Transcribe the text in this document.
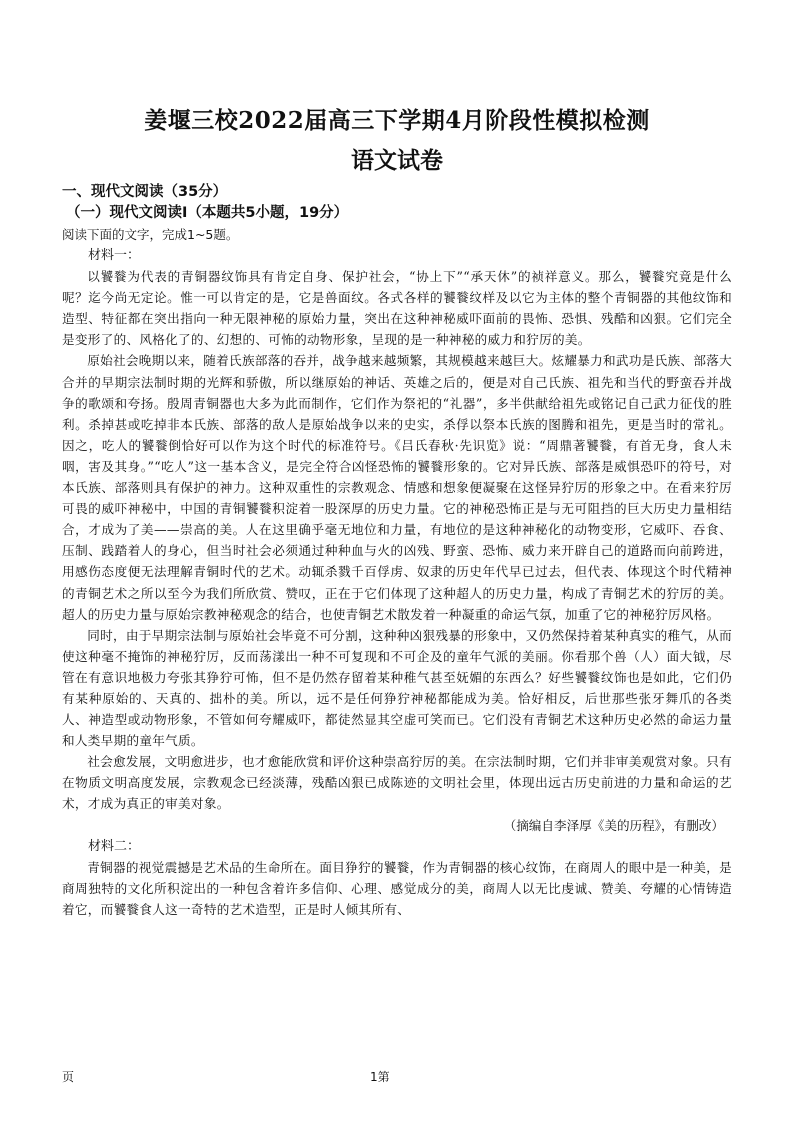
姜堰三校2022届高三下学期4月阶段性模拟检测
语文试卷
一、现代文阅读（35分）
（一）现代文阅读I（本题共5小题，19分）
阅读下面的文字，完成1~5题。
材料一：

以饕餮为代表的青铜器纹饰具有肯定自身、保护社会，“协上下”“承天休”的祯祥意义。那么，饕餮究竟是什么呢？迄今尚无定论。惟一可以肯定的是，它是兽面纹。各式各样的饕餮纹样及以它为主体的整个青铜器的其他纹饰和造型、特征都在突出指向一种无限神秘的原始力量，突出在这种神秘威吓面前的畏怖、恐惧、残酷和凶狠。它们完全是变形了的、风格化了的、幻想的、可怖的动物形象，呈现的是一种神秘的威力和狞厉的美。

原始社会晚期以来，随着氏族部落的吞并，战争越来越频繁，其规模越来越巨大。炫耀暴力和武功是氏族、部落大合并的早期宗法制时期的光辉和骄傲，所以继原始的神话、英雄之后的，便是对自己氏族、祖先和当代的野蛮吞并战争的歌颂和夸扬。殷周青铜器也大多为此而制作，它们作为祭祀的“礼器”，多半供献给祖先或铭记自己武力征伐的胜利。杀掉甚或吃掉非本氏族、部落的敌人是原始战争以来的史实，杀俘以祭本氏族的图腾和祖先，更是当时的常礼。因之，吃人的饕餮倒恰好可以作为这个时代的标准符号。《吕氏春秋·先识览》说：“周鼎著饕餮，有首无身，食人未咽，害及其身。”“吃人”这一基本含义，是完全符合凶怪恐怖的饕餮形象的。它对异氏族、部落是威惧恐吓的符号，对本氏族、部落则具有保护的神力。这种双重性的宗教观念、情感和想象便凝聚在这怪异狞厉的形象之中。在看来狞厉可畏的威吓神秘中，中国的青铜饕餮积淀着一股深厚的历史力量。它的神秘恐怖正是与无可阻挡的巨大历史力量相结合，才成为了美——崇高的美。人在这里确乎毫无地位和力量，有地位的是这种神秘化的动物变形，它威吓、吞食、压制、践踏着人的身心，但当时社会必须通过种种血与火的凶残、野蛮、恐怖、威力来开辟自己的道路而向前跨进，用感伤态度便无法理解青铜时代的艺术。动辄杀戮千百俘虏、奴隶的历史年代早已过去，但代表、体现这个时代精神的青铜艺术之所以至今为我们所欣赏、赞叹，正在于它们体现了这种超人的历史力量，构成了青铜艺术的狞厉的美。超人的历史力量与原始宗教神秘观念的结合，也使青铜艺术散发着一种凝重的命运气氛，加重了它的神秘狞厉风格。

同时，由于早期宗法制与原始社会毕竟不可分割，这种种凶狠残暴的形象中，又仍然保持着某种真实的稚气，从而使这种毫不掩饰的神秘狞厉，反而荡漾出一种不可复现和不可企及的童年气派的美丽。你看那个兽（人）面大钺，尽管在有意识地极力夸张其狰狞可怖，但不是仍然存留着某种稚气甚至妩媚的东西么？好些饕餮纹饰也是如此，它们仍有某种原始的、天真的、拙朴的美。所以，远不是任何狰狞神秘都能成为美。恰好相反，后世那些张牙舞爪的各类人、神造型或动物形象，不管如何夸耀威吓，都徒然显其空虚可笑而已。它们没有青铜艺术这种历史必然的命运力量和人类早期的童年气质。

社会愈发展，文明愈进步，也才愈能欣赏和评价这种崇高狞厉的美。在宗法制时期，它们并非审美观赏对象。只有在物质文明高度发展，宗教观念已经淡薄，残酷凶狠已成陈迹的文明社会里，体现出远古历史前进的力量和命运的艺术，才成为真正的审美对象。

（摘编自李泽厚《美的历程》，有删改）

材料二：

青铜器的视觉震撼是艺术品的生命所在。面目狰狞的饕餮，作为青铜器的核心纹饰，在商周人的眼中是一种美，是商周独特的文化所积淀出的一种包含着许多信仰、心理、感觉成分的美，商周人以无比虔诚、赞美、夸耀的心情铸造着它，而饕餮食人这一奇特的艺术造型，正是时人倾其所有、

页	1第
